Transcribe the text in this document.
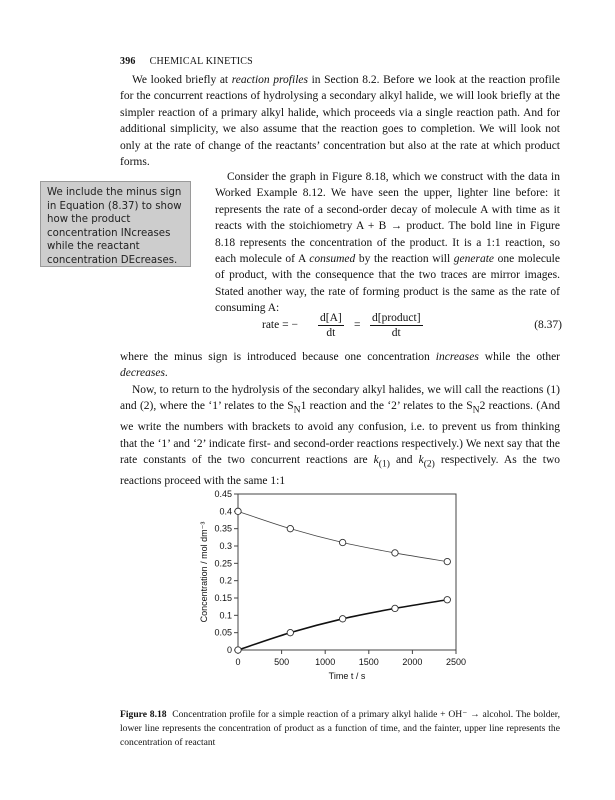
396 CHEMICAL KINETICS
We looked briefly at reaction profiles in Section 8.2. Before we look at the reaction profile for the concurrent reactions of hydrolysing a secondary alkyl halide, we will look briefly at the simpler reaction of a primary alkyl halide, which proceeds via a single reaction path. And for additional simplicity, we also assume that the reaction goes to completion. We will look not only at the rate of change of the reactants’ concentration but also at the rate at which product forms.
We include the minus sign in Equation (8.37) to show how the product concentration INcreases while the reactant concentration DEcreases.
Consider the graph in Figure 8.18, which we construct with the data in Worked Example 8.12. We have seen the upper, lighter line before: it represents the rate of a second-order decay of molecule A with time as it reacts with the stoichiometry A + B → product. The bold line in Figure 8.18 represents the concentration of the product. It is a 1:1 reaction, so each molecule of A consumed by the reaction will generate one molecule of product, with the consequence that the two traces are mirror images. Stated another way, the rate of forming product is the same as the rate of consuming A:
rate = − $\frac{d[A]}{dt}$ =
d[product]
dt
(8.37)
where the minus sign is introduced because one concentration increases while the other decreases.
Now, to return to the hydrolysis of the secondary alkyl halides, we will call the reactions (1) and (2), where the ‘1’ relates to the $S_N1$ reaction and the ‘2’ relates to the $S_N2$ reactions. (And we write the numbers with brackets to avoid any confusion, i.e. to prevent us from thinking that the ‘1’ and ‘2’ indicate first- and second-order reactions respectively.) We next say that the rate constants of the two concurrent reactions are $k_{(1)}$ and $k_{(2)}$ respectively. As the two reactions proceed with the same 1:1
0
0.05
0.1
0.15
0.2
0.25
0.3
0.35
0.4
0.45
0	500	1000	1500	2000	2500
Time t / s
Concentration / mol dm⁻³
Figure 8.18 Concentration profile for a simple reaction of a primary alkyl halide + OH⁻ → alcohol. The bolder, lower line represents the concentration of product as a function of time, and the fainter, upper line represents the concentration of reactant
